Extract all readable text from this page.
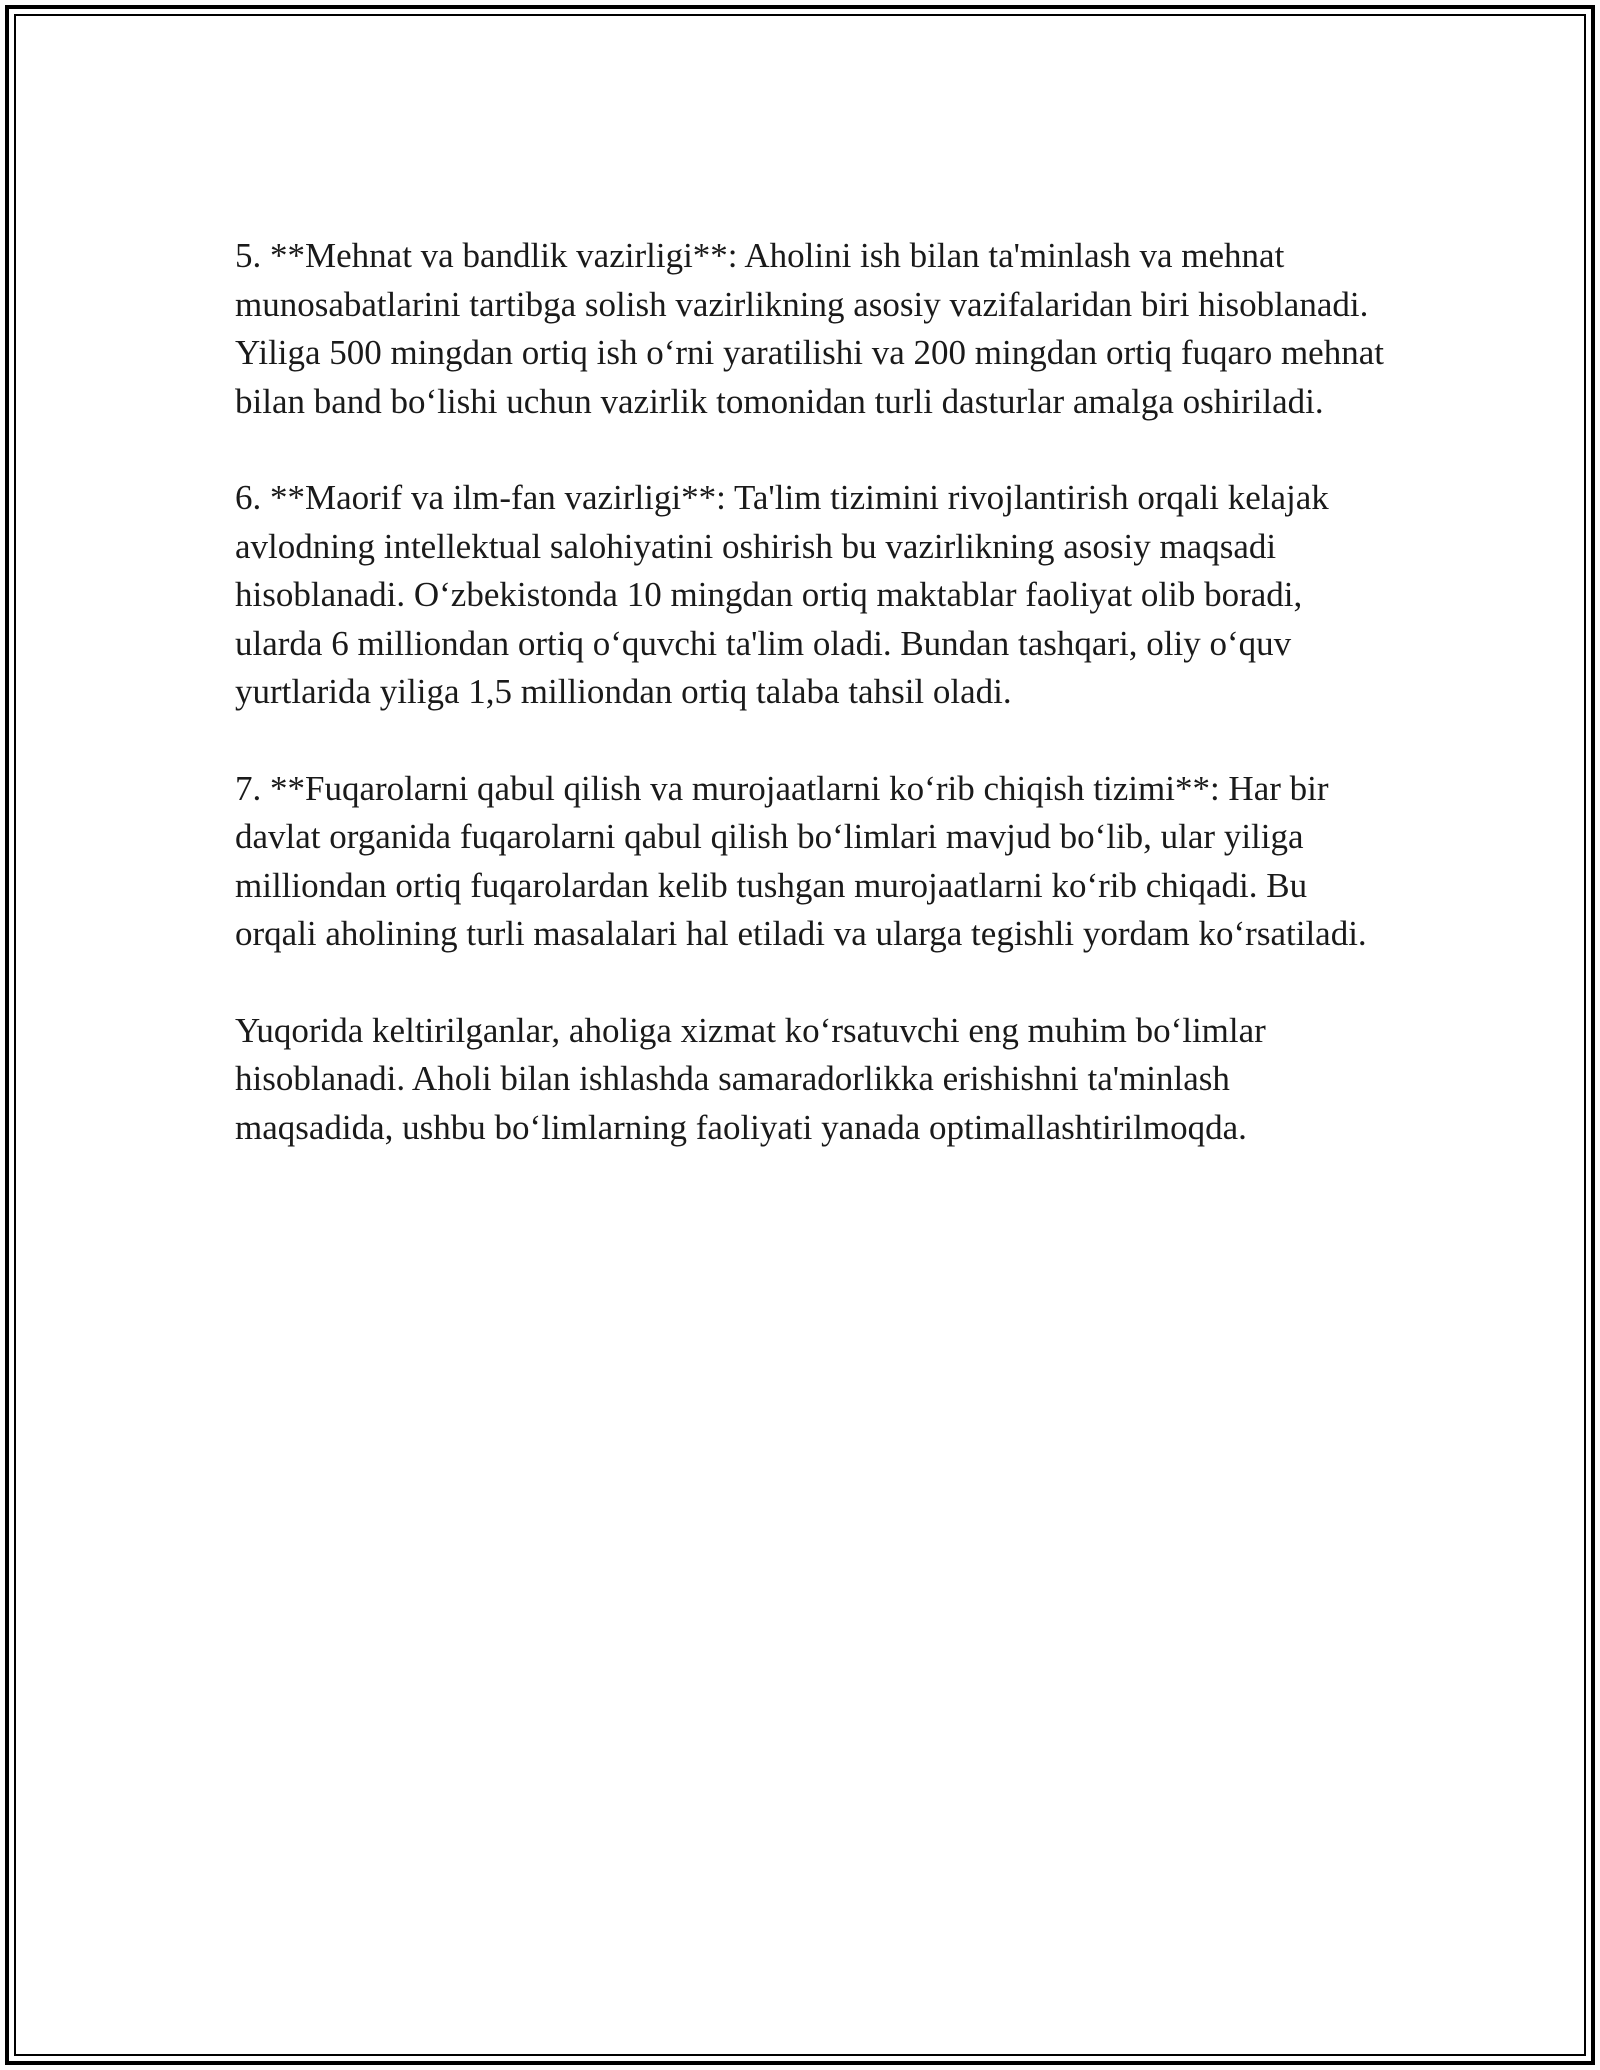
5. **Mehnat va bandlik vazirligi**: Aholini ish bilan ta'minlash va mehnat munosabatlarini tartibga solish vazirlikning asosiy vazifalaridan biri hisoblanadi. Yiliga 500 mingdan ortiq ish o‘rni yaratilishi va 200 mingdan ortiq fuqaro mehnat bilan band bo‘lishi uchun vazirlik tomonidan turli dasturlar amalga oshiriladi.

6. **Maorif va ilm-fan vazirligi**: Ta'lim tizimini rivojlantirish orqali kelajak avlodning intellektual salohiyatini oshirish bu vazirlikning asosiy maqsadi hisoblanadi. O‘zbekistonda 10 mingdan ortiq maktablar faoliyat olib boradi, ularda 6 milliondan ortiq o‘quvchi ta'lim oladi. Bundan tashqari, oliy o‘quv yurtlarida yiliga 1,5 milliondan ortiq talaba tahsil oladi.

7. **Fuqarolarni qabul qilish va murojaatlarni ko‘rib chiqish tizimi**: Har bir davlat organida fuqarolarni qabul qilish bo‘limlari mavjud bo‘lib, ular yiliga milliondan ortiq fuqarolardan kelib tushgan murojaatlarni ko‘rib chiqadi. Bu orqali aholining turli masalalari hal etiladi va ularga tegishli yordam ko‘rsatiladi.

Yuqorida keltirilganlar, aholiga xizmat ko‘rsatuvchi eng muhim bo‘limlar hisoblanadi. Aholi bilan ishlashda samaradorlikka erishishni ta'minlash maqsadida, ushbu bo‘limlarning faoliyati yanada optimallashtirilmoqda.
